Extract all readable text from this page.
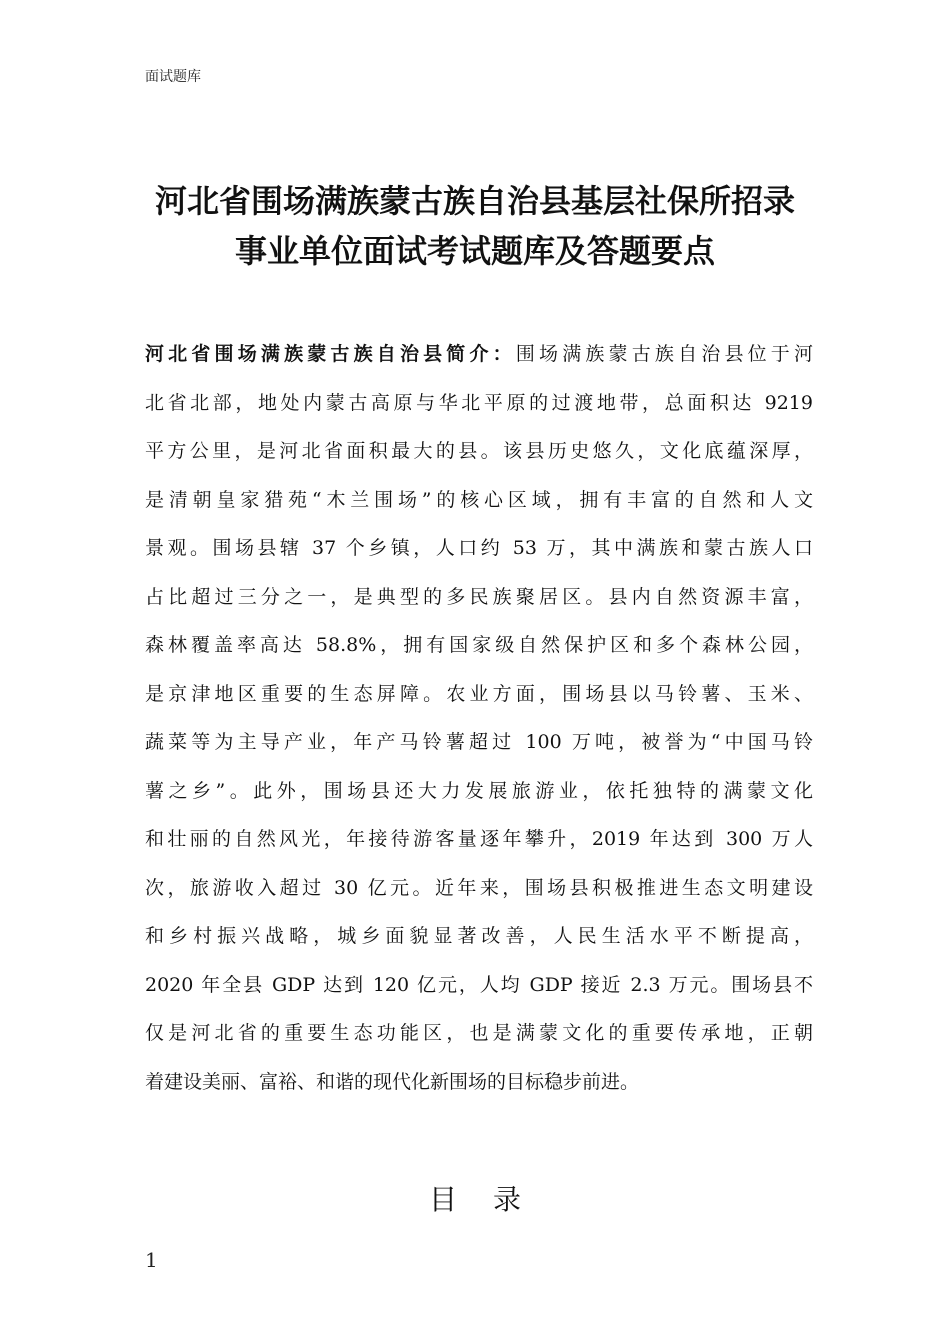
面试题库
河北省围场满族蒙古族自治县基层社保所招录
事业单位面试考试题库及答题要点
河北省围场满族蒙古族自治县简介：围场满族蒙古族自治县位于河
北省北部，地处内蒙古高原与华北平原的过渡地带，总面积达 9219
平方公里，是河北省面积最大的县。该县历史悠久，文化底蕴深厚，
是清朝皇家猎苑“木兰围场”的核心区域，拥有丰富的自然和人文
景观。围场县辖 37 个乡镇，人口约 53 万，其中满族和蒙古族人口
占比超过三分之一，是典型的多民族聚居区。县内自然资源丰富，
森林覆盖率高达 58.8%，拥有国家级自然保护区和多个森林公园，
是京津地区重要的生态屏障。农业方面，围场县以马铃薯、玉米、
蔬菜等为主导产业，年产马铃薯超过 100 万吨，被誉为“中国马铃
薯之乡”。此外，围场县还大力发展旅游业，依托独特的满蒙文化
和壮丽的自然风光，年接待游客量逐年攀升，2019 年达到 300 万人
次，旅游收入超过 30 亿元。近年来，围场县积极推进生态文明建设
和乡村振兴战略，城乡面貌显著改善，人民生活水平不断提高，
2020 年全县 GDP 达到 120 亿元，人均 GDP 接近 2.3 万元。围场县不
仅是河北省的重要生态功能区，也是满蒙文化的重要传承地，正朝
着建设美丽、富裕、和谐的现代化新围场的目标稳步前进。
目录
1
